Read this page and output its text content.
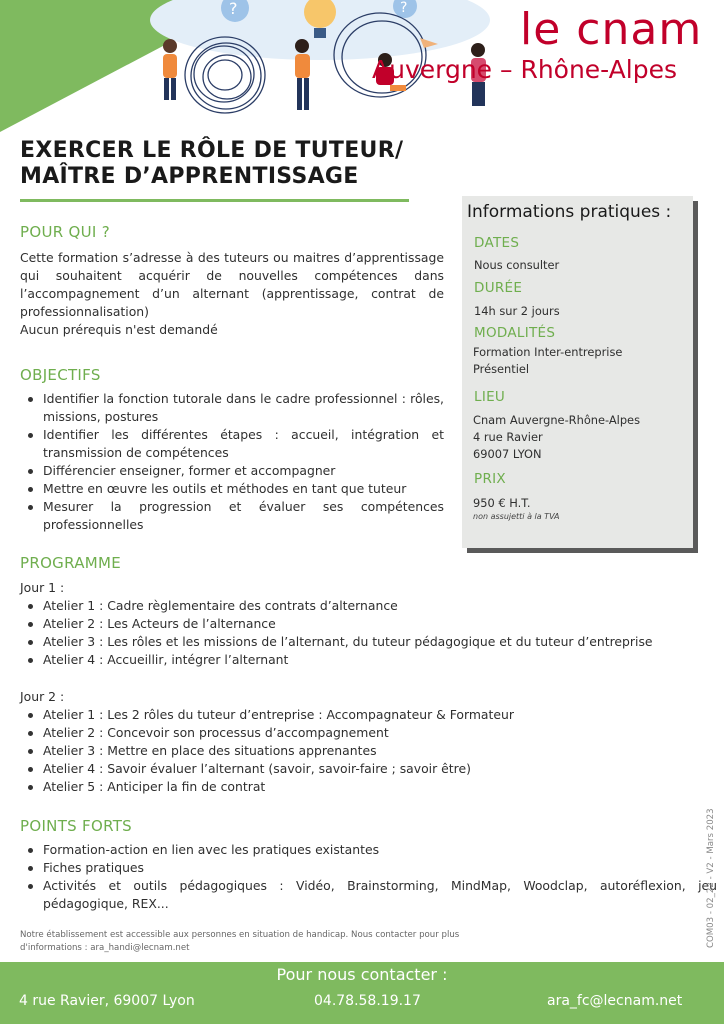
?	?	le cnam
Auvergne – Rhône-Alpes
EXERCER LE RÔLE DE TUTEUR/
MAÎTRE D’APPRENTISSAGE
POUR QUI ?
Cette formation s’adresse à des tuteurs ou maitres d’apprentissage qui souhaitent acquérir de nouvelles compétences dans l’accompagnement d’un alternant (apprentissage, contrat de professionnalisation)
Aucun prérequis n'est demandé
OBJECTIFS
Identifier la fonction tutorale dans le cadre professionnel : rôles, missions, postures
Identifier les différentes étapes : accueil, intégration et transmission de compétences
Différencier enseigner, former et accompagner
Mettre en œuvre les outils et méthodes en tant que tuteur
Mesurer la progression et évaluer ses compétences professionnelles
Informations pratiques :
DATES
Nous consulter
DURÉE
14h sur 2 jours
MODALITÉS
Formation Inter-entreprise
Présentiel
LIEU
Cnam Auvergne-Rhône-Alpes
4 rue Ravier
69007 LYON
PRIX
950 € H.T.
non assujetti à la TVA
PROGRAMME
Jour 1 :
Atelier 1 : Cadre règlementaire des contrats d’alternance
Atelier 2 : Les Acteurs de l’alternance
Atelier 3 : Les rôles et les missions de l’alternant, du tuteur pédagogique et du tuteur d’entreprise
Atelier 4 : Accueillir, intégrer l’alternant
Jour 2 :
Atelier 1 : Les 2 rôles du tuteur d’entreprise : Accompagnateur & Formateur
Atelier 2 : Concevoir son processus d’accompagnement
Atelier 3 : Mettre en place des situations apprenantes
Atelier 4 : Savoir évaluer l’alternant (savoir, savoir-faire ; savoir être)
Atelier 5 : Anticiper la fin de contrat
POINTS FORTS
Formation-action en lien avec les pratiques existantes
Fiches pratiques
Activités et outils pédagogiques : Vidéo, Brainstorming, MindMap, Woodclap, autoréflexion, jeu pédagogique, REX...
Notre établissement est accessible aux personnes en situation de handicap. Nous contacter pour plus d'informations : ara_handi@lecnam.net	COM03 - 02_22 - V2 - Mars 2023
Pour nous contacter :
4 rue Ravier, 69007 Lyon	04.78.58.19.17	ara_fc@lecnam.net
